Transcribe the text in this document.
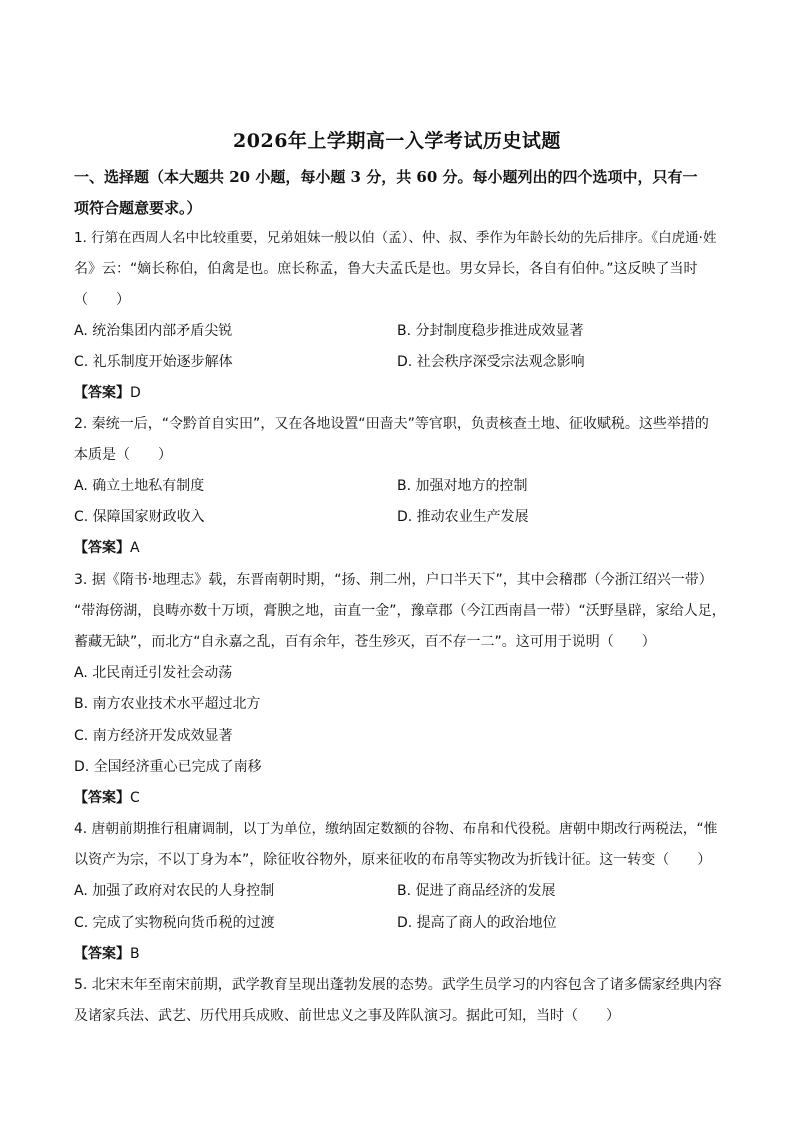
2026年上学期高一入学考试历史试题
一、选择题（本大题共 20 小题，每小题 3 分，共 60 分。每小题列出的四个选项中，只有一
项符合题意要求。）
1. 行第在西周人名中比较重要，兄弟姐妹一般以伯（孟）、仲、叔、季作为年龄长幼的先后排序。《白虎通·姓
名》云：“嫡长称伯，伯禽是也。庶长称孟，鲁大夫孟氏是也。男女异长，各自有伯仲。”这反映了当时
（　　）
A. 统治集团内部矛盾尖锐	B. 分封制度稳步推进成效显著
C. 礼乐制度开始逐步解体	D. 社会秩序深受宗法观念影响
【答案】D
2. 秦统一后，“令黔首自实田”，又在各地设置“田啬夫”等官职，负责核查土地、征收赋税。这些举措的
本质是（　　）
A. 确立土地私有制度	B. 加强对地方的控制
C. 保障国家财政收入	D. 推动农业生产发展
【答案】A
3. 据《隋书·地理志》载，东晋南朝时期，“扬、荆二州，户口半天下”，其中会稽郡（今浙江绍兴一带）
“带海傍湖，良畴亦数十万顷，膏腴之地，亩直一金”，豫章郡（今江西南昌一带）“沃野垦辟，家给人足，
蓄藏无缺”，而北方“自永嘉之乱，百有余年，苍生殄灭，百不存一二”。这可用于说明（　　）
A. 北民南迁引发社会动荡
B. 南方农业技术水平超过北方
C. 南方经济开发成效显著
D. 全国经济重心已完成了南移
【答案】C
4. 唐朝前期推行租庸调制，以丁为单位，缴纳固定数额的谷物、布帛和代役税。唐朝中期改行两税法，“惟
以资产为宗，不以丁身为本”，除征收谷物外，原来征收的布帛等实物改为折钱计征。这一转变（　　）
A. 加强了政府对农民的人身控制	B. 促进了商品经济的发展
C. 完成了实物税向货币税的过渡	D. 提高了商人的政治地位
【答案】B
5. 北宋末年至南宋前期，武学教育呈现出蓬勃发展的态势。武学生员学习的内容包含了诸多儒家经典内容
及诸家兵法、武艺、历代用兵成败、前世忠义之事及阵队演习。据此可知，当时（　　）
